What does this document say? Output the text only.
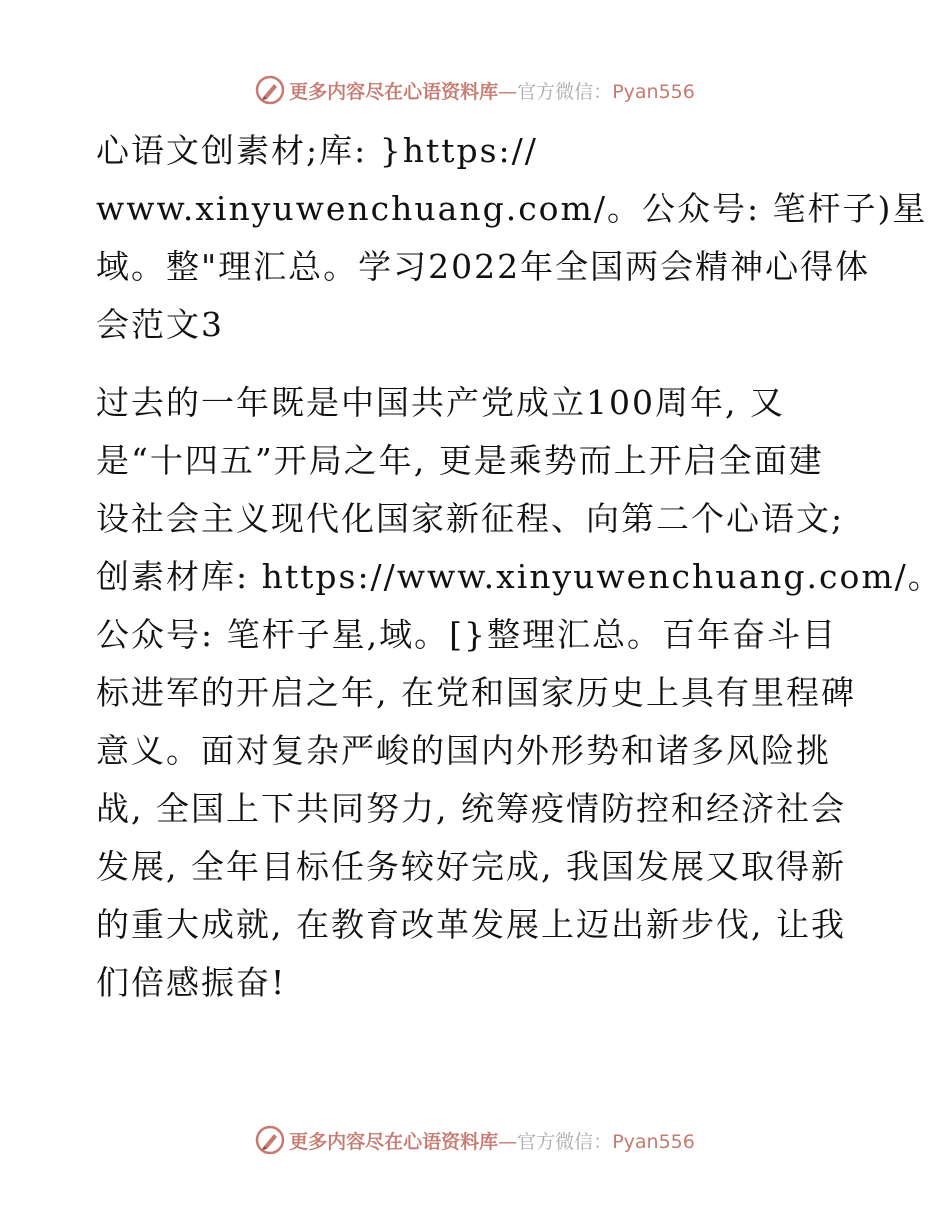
更多内容尽在心语资料库—官方微信：Pyan556
心语文创素材;库: }https://
www.xinyuwenchuang.com/。公众号: 笔杆子)星
域。整"理汇总。学习2022年全国两会精神心得体
会范文3
过去的一年既是中国共产党成立100周年, 又
是“十四五”开局之年, 更是乘势而上开启全面建
设社会主义现代化国家新征程、向第二个心语文;
创素材库: https://www.xinyuwenchuang.com/。
公众号: 笔杆子星,域。[}整理汇总。百年奋斗目
标进军的开启之年, 在党和国家历史上具有里程碑
意义。面对复杂严峻的国内外形势和诸多风险挑
战, 全国上下共同努力, 统筹疫情防控和经济社会
发展, 全年目标任务较好完成, 我国发展又取得新
的重大成就, 在教育改革发展上迈出新步伐, 让我
们倍感振奋!
更多内容尽在心语资料库—官方微信：Pyan556
